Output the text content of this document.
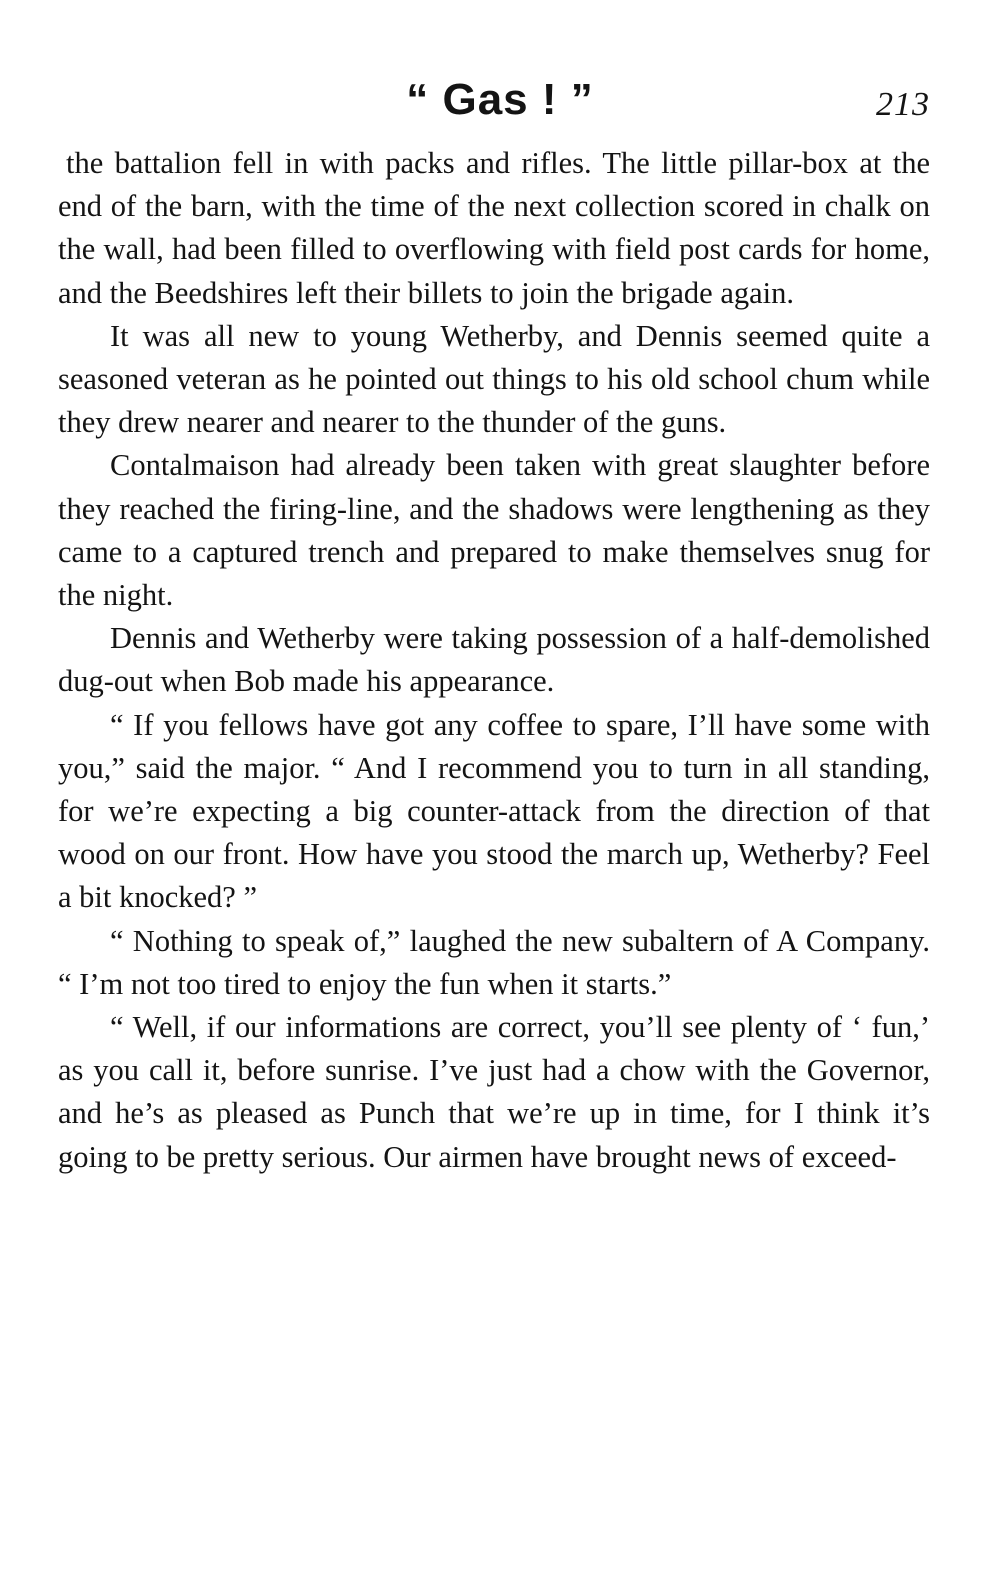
“ Gas ! ”	213

the battalion fell in with packs and rifles. The little pillar-box at the end of the barn, with the time of the next collection scored in chalk on the wall, had been filled to overflowing with field post cards for home, and the Beedshires left their billets to join the brigade again.

It was all new to young Wetherby, and Dennis seemed quite a seasoned veteran as he pointed out things to his old school chum while they drew nearer and nearer to the thunder of the guns.

Contalmaison had already been taken with great slaughter before they reached the firing-line, and the shadows were lengthening as they came to a captured trench and prepared to make themselves snug for the night.

Dennis and Wetherby were taking possession of a half-demolished dug-out when Bob made his appearance.

“ If you fellows have got any coffee to spare, I’ll have some with you,” said the major. “ And I recommend you to turn in all standing, for we’re expecting a big counter-attack from the direction of that wood on our front. How have you stood the march up, Wetherby? Feel a bit knocked? ”

“ Nothing to speak of,” laughed the new subaltern of A Company. “ I’m not too tired to enjoy the fun when it starts.”

“ Well, if our informations are correct, you’ll see plenty of ‘ fun,’ as you call it, before sunrise. I’ve just had a chow with the Governor, and he’s as pleased as Punch that we’re up in time, for I think it’s going to be pretty serious. Our airmen have brought news of exceed-
